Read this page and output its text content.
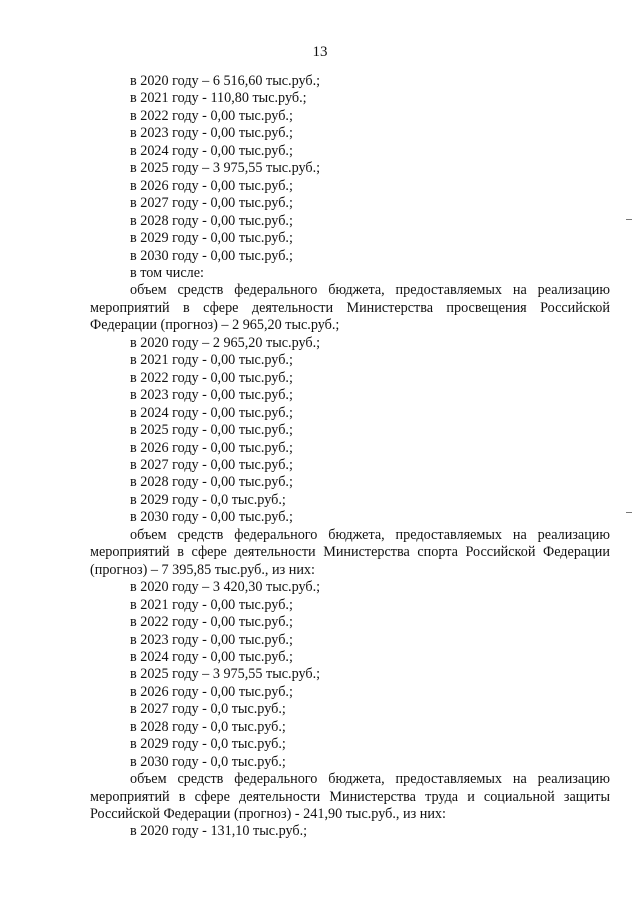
13
в 2020 году – 6 516,60 тыс.руб.;
в 2021 году - 110,80 тыс.руб.;
в 2022 году - 0,00 тыс.руб.;
в 2023 году - 0,00 тыс.руб.;
в 2024 году - 0,00 тыс.руб.;
в 2025 году – 3 975,55 тыс.руб.;
в 2026 году - 0,00 тыс.руб.;
в 2027 году - 0,00 тыс.руб.;
в 2028 году - 0,00 тыс.руб.;
в 2029 году - 0,00 тыс.руб.;
в 2030 году - 0,00 тыс.руб.;
в том числе:
объем средств федерального бюджета, предоставляемых на реализацию мероприятий в сфере деятельности Министерства просвещения Российской Федерации (прогноз) – 2 965,20 тыс.руб.;
в 2020 году – 2 965,20 тыс.руб.;
в 2021 году - 0,00 тыс.руб.;
в 2022 году - 0,00 тыс.руб.;
в 2023 году - 0,00 тыс.руб.;
в 2024 году - 0,00 тыс.руб.;
в 2025 году - 0,00 тыс.руб.;
в 2026 году - 0,00 тыс.руб.;
в 2027 году - 0,00 тыс.руб.;
в 2028 году - 0,00 тыс.руб.;
в 2029 году - 0,0 тыс.руб.;
в 2030 году - 0,00 тыс.руб.;
объем средств федерального бюджета, предоставляемых на реализацию мероприятий в сфере деятельности Министерства спорта Российской Федерации (прогноз) – 7 395,85 тыс.руб., из них:
в 2020 году – 3 420,30 тыс.руб.;
в 2021 году - 0,00 тыс.руб.;
в 2022 году - 0,00 тыс.руб.;
в 2023 году - 0,00 тыс.руб.;
в 2024 году - 0,00 тыс.руб.;
в 2025 году – 3 975,55 тыс.руб.;
в 2026 году - 0,00 тыс.руб.;
в 2027 году - 0,0 тыс.руб.;
в 2028 году - 0,0 тыс.руб.;
в 2029 году - 0,0 тыс.руб.;
в 2030 году - 0,0 тыс.руб.;
объем средств федерального бюджета, предоставляемых на реализацию мероприятий в сфере деятельности Министерства труда и социальной защиты Российской Федерации (прогноз) - 241,90 тыс.руб., из них:
в 2020 году - 131,10 тыс.руб.;
